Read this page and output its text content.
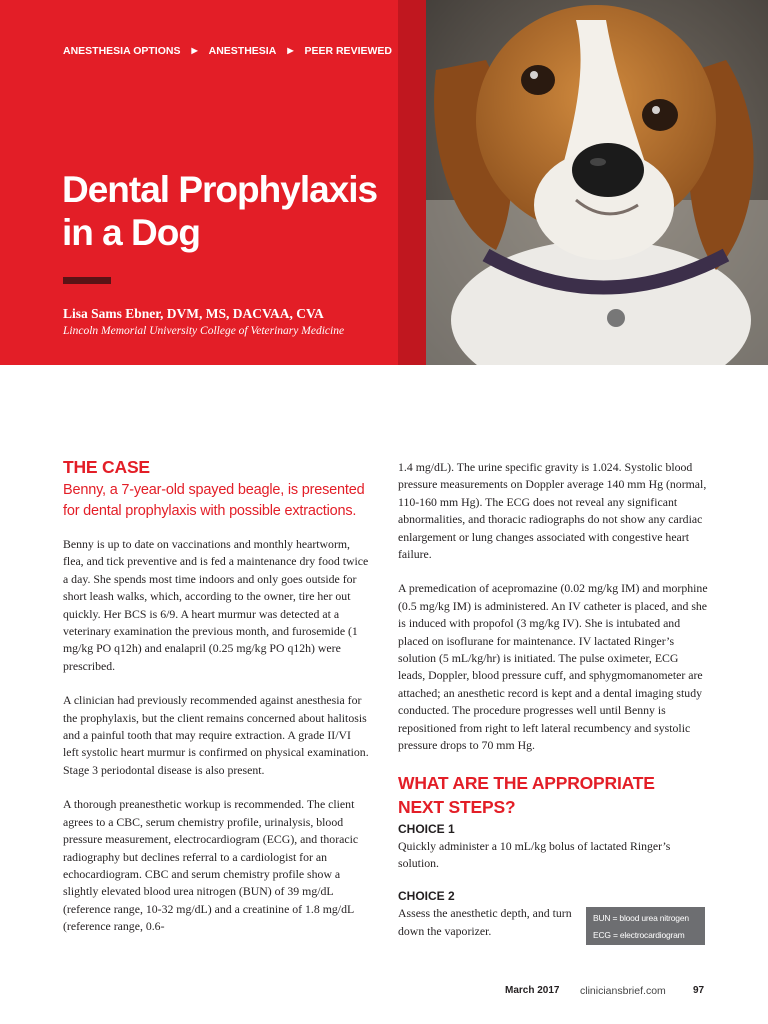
ANESTHESIA OPTIONS ▶ ANESTHESIA ▶ PEER REVIEWED
Dental Prophylaxis
in a Dog

Lisa Sams Ebner, DVM, MS, DACVAA, CVA

Lincoln Memorial University College of Veterinary Medicine

THE CASE

Benny, a 7-year-old spayed beagle, is presented for dental prophylaxis with possible extractions.

Benny is up to date on vaccinations and monthly heartworm, flea, and tick preventive and is fed a maintenance dry food twice a day. She spends most time indoors and only goes outside for short leash walks, which, according to the owner, tire her out quickly. Her BCS is 6/9. A heart murmur was detected at a veterinary examination the previous month, and furosemide (1 mg/kg PO q12h) and enalapril (0.25 mg/kg PO q12h) were prescribed.

A clinician had previously recommended against anesthesia for the prophylaxis, but the client remains concerned about halitosis and a painful tooth that may require extraction. A grade II/VI left systolic heart murmur is confirmed on physical examination. Stage 3 periodontal disease is also present.

A thorough preanesthetic workup is recommended. The client agrees to a CBC, serum chemistry profile, urinalysis, blood pressure measurement, electrocardiogram (ECG), and thoracic radiography but declines referral to a cardiologist for an echocardiogram. CBC and serum chemistry profile show a slightly elevated blood urea nitrogen (BUN) of 39 mg/dL (reference range, 10-32 mg/dL) and a creatinine of 1.8 mg/dL (reference range, 0.6-

1.4 mg/dL). The urine specific gravity is 1.024. Systolic blood pressure measurements on Doppler average 140 mm Hg (normal, 110-160 mm Hg). The ECG does not reveal any significant abnormalities, and thoracic radiographs do not show any cardiac enlargement or lung changes associated with congestive heart failure.

A premedication of acepromazine (0.02 mg/kg IM) and morphine (0.5 mg/kg IM) is administered. An IV catheter is placed, and she is induced with propofol (3 mg/kg IV). She is intubated and placed on isoflurane for maintenance. IV lactated Ringer’s solution (5 mL/kg/hr) is initiated. The pulse oximeter, ECG leads, Doppler, blood pressure cuff, and sphygmomanometer are attached; an anesthetic record is kept and a dental imaging study conducted. The procedure progresses well until Benny is repositioned from right to left lateral recumbency and systolic pressure drops to 70 mm Hg.

WHAT ARE THE APPROPRIATE NEXT STEPS?

CHOICE 1

Quickly administer a 10 mL/kg bolus of lactated Ringer’s solution.

CHOICE 2

Assess the anesthetic depth, and turn down the vaporizer.

BUN = blood urea nitrogen
ECG = electrocardiogram
March 2017 cliniciansbrief.com	97
